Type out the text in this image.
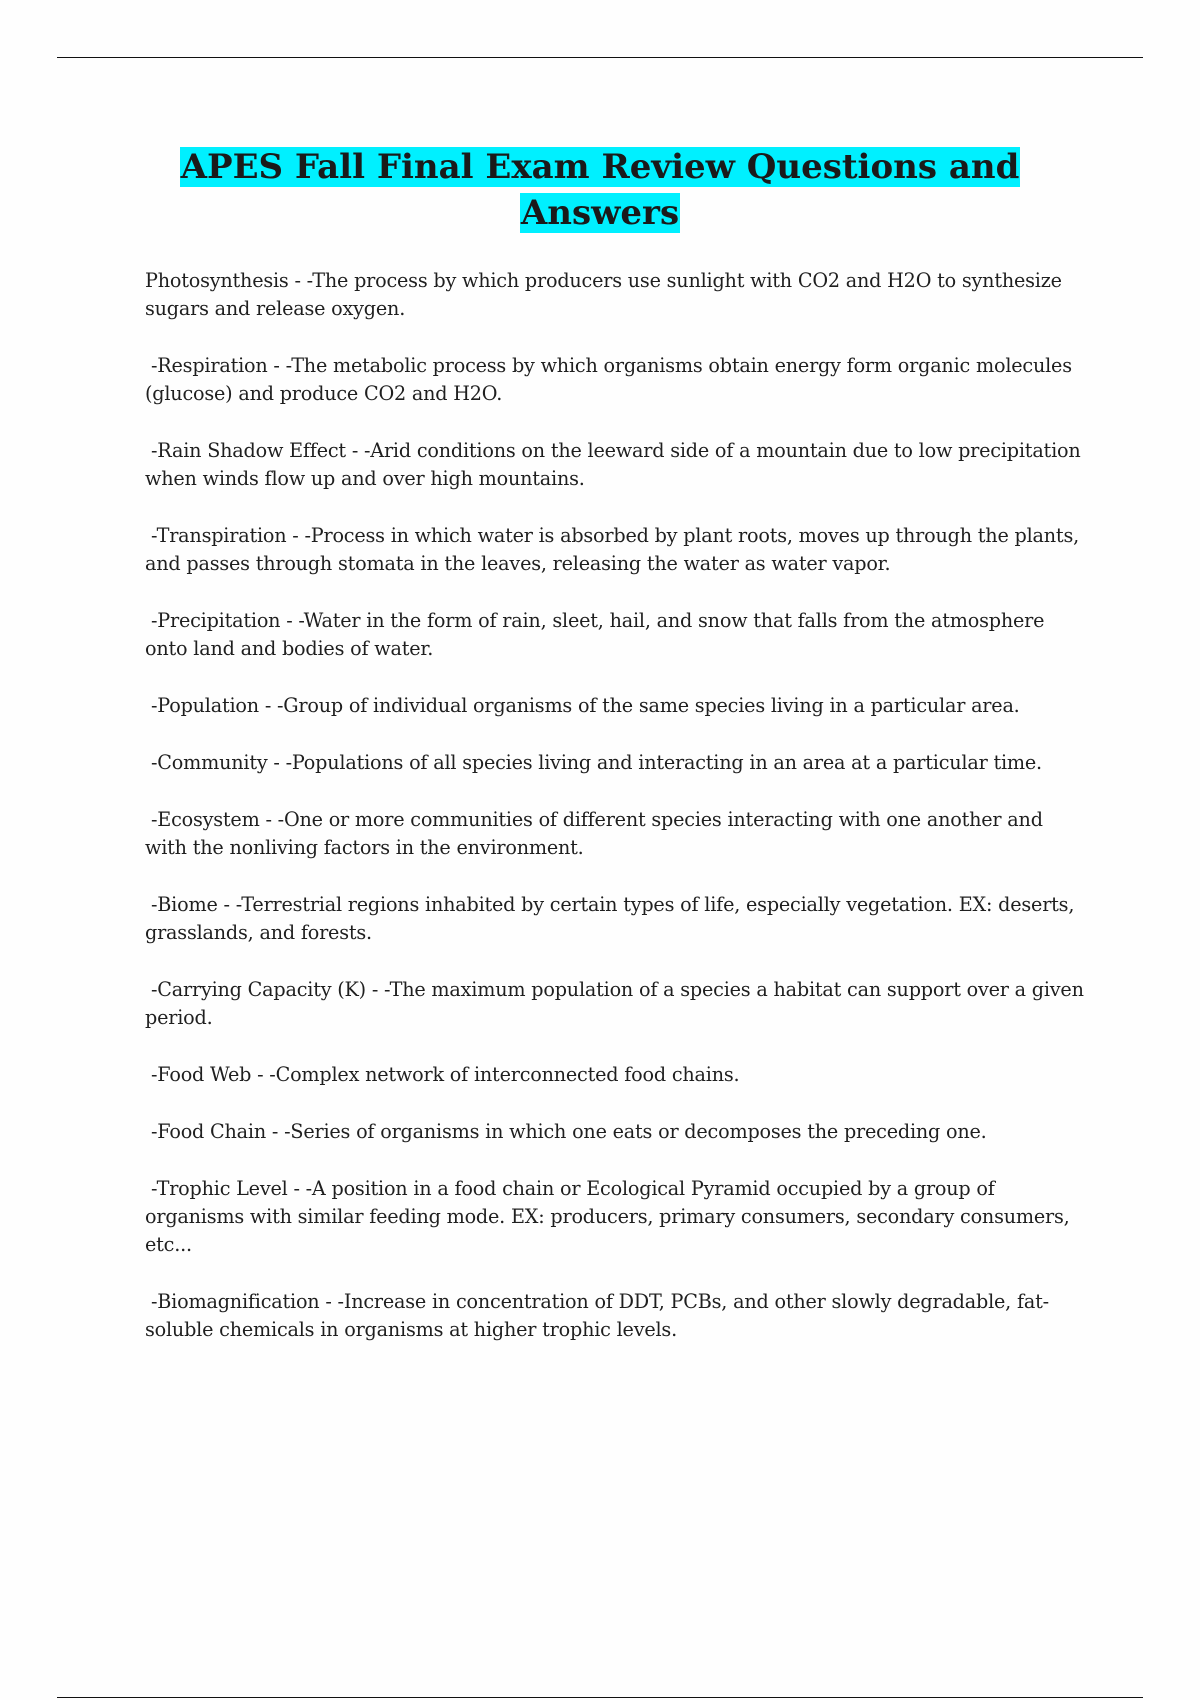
APES Fall Final Exam Review Questions and
Answers

Photosynthesis - -The process by which producers use sunlight with CO2 and H2O to synthesize sugars and release oxygen.

-Respiration - -The metabolic process by which organisms obtain energy form organic molecules (glucose) and produce CO2 and H2O.

-Rain Shadow Effect - -Arid conditions on the leeward side of a mountain due to low precipitation when winds flow up and over high mountains.

-Transpiration - -Process in which water is absorbed by plant roots, moves up through the plants, and passes through stomata in the leaves, releasing the water as water vapor.

-Precipitation - -Water in the form of rain, sleet, hail, and snow that falls from the atmosphere onto land and bodies of water.

-Population - -Group of individual organisms of the same species living in a particular area.

-Community - -Populations of all species living and interacting in an area at a particular time.

-Ecosystem - -One or more communities of different species interacting with one another and with the nonliving factors in the environment.

-Biome - -Terrestrial regions inhabited by certain types of life, especially vegetation. EX: deserts, grasslands, and forests.

-Carrying Capacity (K) - -The maximum population of a species a habitat can support over a given period.

-Food Web - -Complex network of interconnected food chains.

-Food Chain - -Series of organisms in which one eats or decomposes the preceding one.

-Trophic Level - -A position in a food chain or Ecological Pyramid occupied by a group of organisms with similar feeding mode. EX: producers, primary consumers, secondary consumers, etc...

-Biomagnification - -Increase in concentration of DDT, PCBs, and other slowly degradable, fat-soluble chemicals in organisms at higher trophic levels.
